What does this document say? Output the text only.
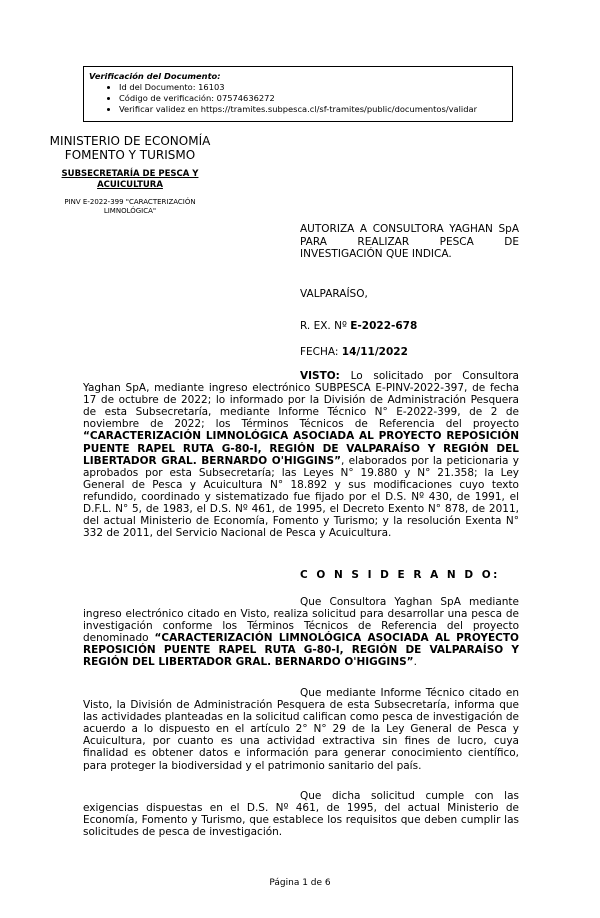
Verificación del Documento:
• Id del Documento: 16103
• Código de verificación: 07574636272
• Verificar validez en https://tramites.subpesca.cl/sf-tramites/public/documentos/validar
MINISTERIO DE ECONOMÍA
FOMENTO Y TURISMO
SUBSECRETARÍA DE PESCA Y ACUICULTURA
PINV E-2022-399 "CARACTERIZACIÓN LIMNOLÓGICA"
AUTORIZA A CONSULTORA YAGHAN SpA PARA REALIZAR PESCA DE INVESTIGACIÓN QUE INDICA.
VALPARAÍSO,
R. EX. Nº E-2022-678
FECHA: 14/11/2022

VISTO: Lo solicitado por Consultora Yaghan SpA, mediante ingreso electrónico SUBPESCA E-PINV-2022-397, de fecha 17 de octubre de 2022; lo informado por la División de Administración Pesquera de esta Subsecretaría, mediante Informe Técnico N° E-2022-399, de 2 de noviembre de 2022; los Términos Técnicos de Referencia del proyecto “CARACTERIZACIÓN LIMNOLÓGICA ASOCIADA AL PROYECTO REPOSICIÓN PUENTE RAPEL RUTA G-80-I, REGIÓN DE VALPARAÍSO Y REGIÓN DEL LIBERTADOR GRAL. BERNARDO O'HIGGINS”, elaborados por la peticionaria y aprobados por esta Subsecretaría; las Leyes N° 19.880 y N° 21.358; la Ley General de Pesca y Acuicultura N° 18.892 y sus modificaciones cuyo texto refundido, coordinado y sistematizado fue fijado por el D.S. Nº 430, de 1991, el D.F.L. N° 5, de 1983, el D.S. Nº 461, de 1995, el Decreto Exento N° 878, de 2011, del actual Ministerio de Economía, Fomento y Turismo; y la resolución Exenta N° 332 de 2011, del Servicio Nacional de Pesca y Acuicultura.

C O N S I D E R A N D O:

Que Consultora Yaghan SpA mediante ingreso electrónico citado en Visto, realiza solicitud para desarrollar una pesca de investigación conforme los Términos Técnicos de Referencia del proyecto denominado “CARACTERIZACIÓN LIMNOLÓGICA ASOCIADA AL PROYECTO REPOSICIÓN PUENTE RAPEL RUTA G-80-I, REGIÓN DE VALPARAÍSO Y REGIÓN DEL LIBERTADOR GRAL. BERNARDO O'HIGGINS”.

Que mediante Informe Técnico citado en Visto, la División de Administración Pesquera de esta Subsecretaría, informa que las actividades planteadas en la solicitud califican como pesca de investigación de acuerdo a lo dispuesto en el artículo 2° N° 29 de la Ley General de Pesca y Acuicultura, por cuanto es una actividad extractiva sin fines de lucro, cuya finalidad es obtener datos e información para generar conocimiento científico, para proteger la biodiversidad y el patrimonio sanitario del país.

Que dicha solicitud cumple con las exigencias dispuestas en el D.S. Nº 461, de 1995, del actual Ministerio de Economía, Fomento y Turismo, que establece los requisitos que deben cumplir las solicitudes de pesca de investigación.

Página 1 de 6
